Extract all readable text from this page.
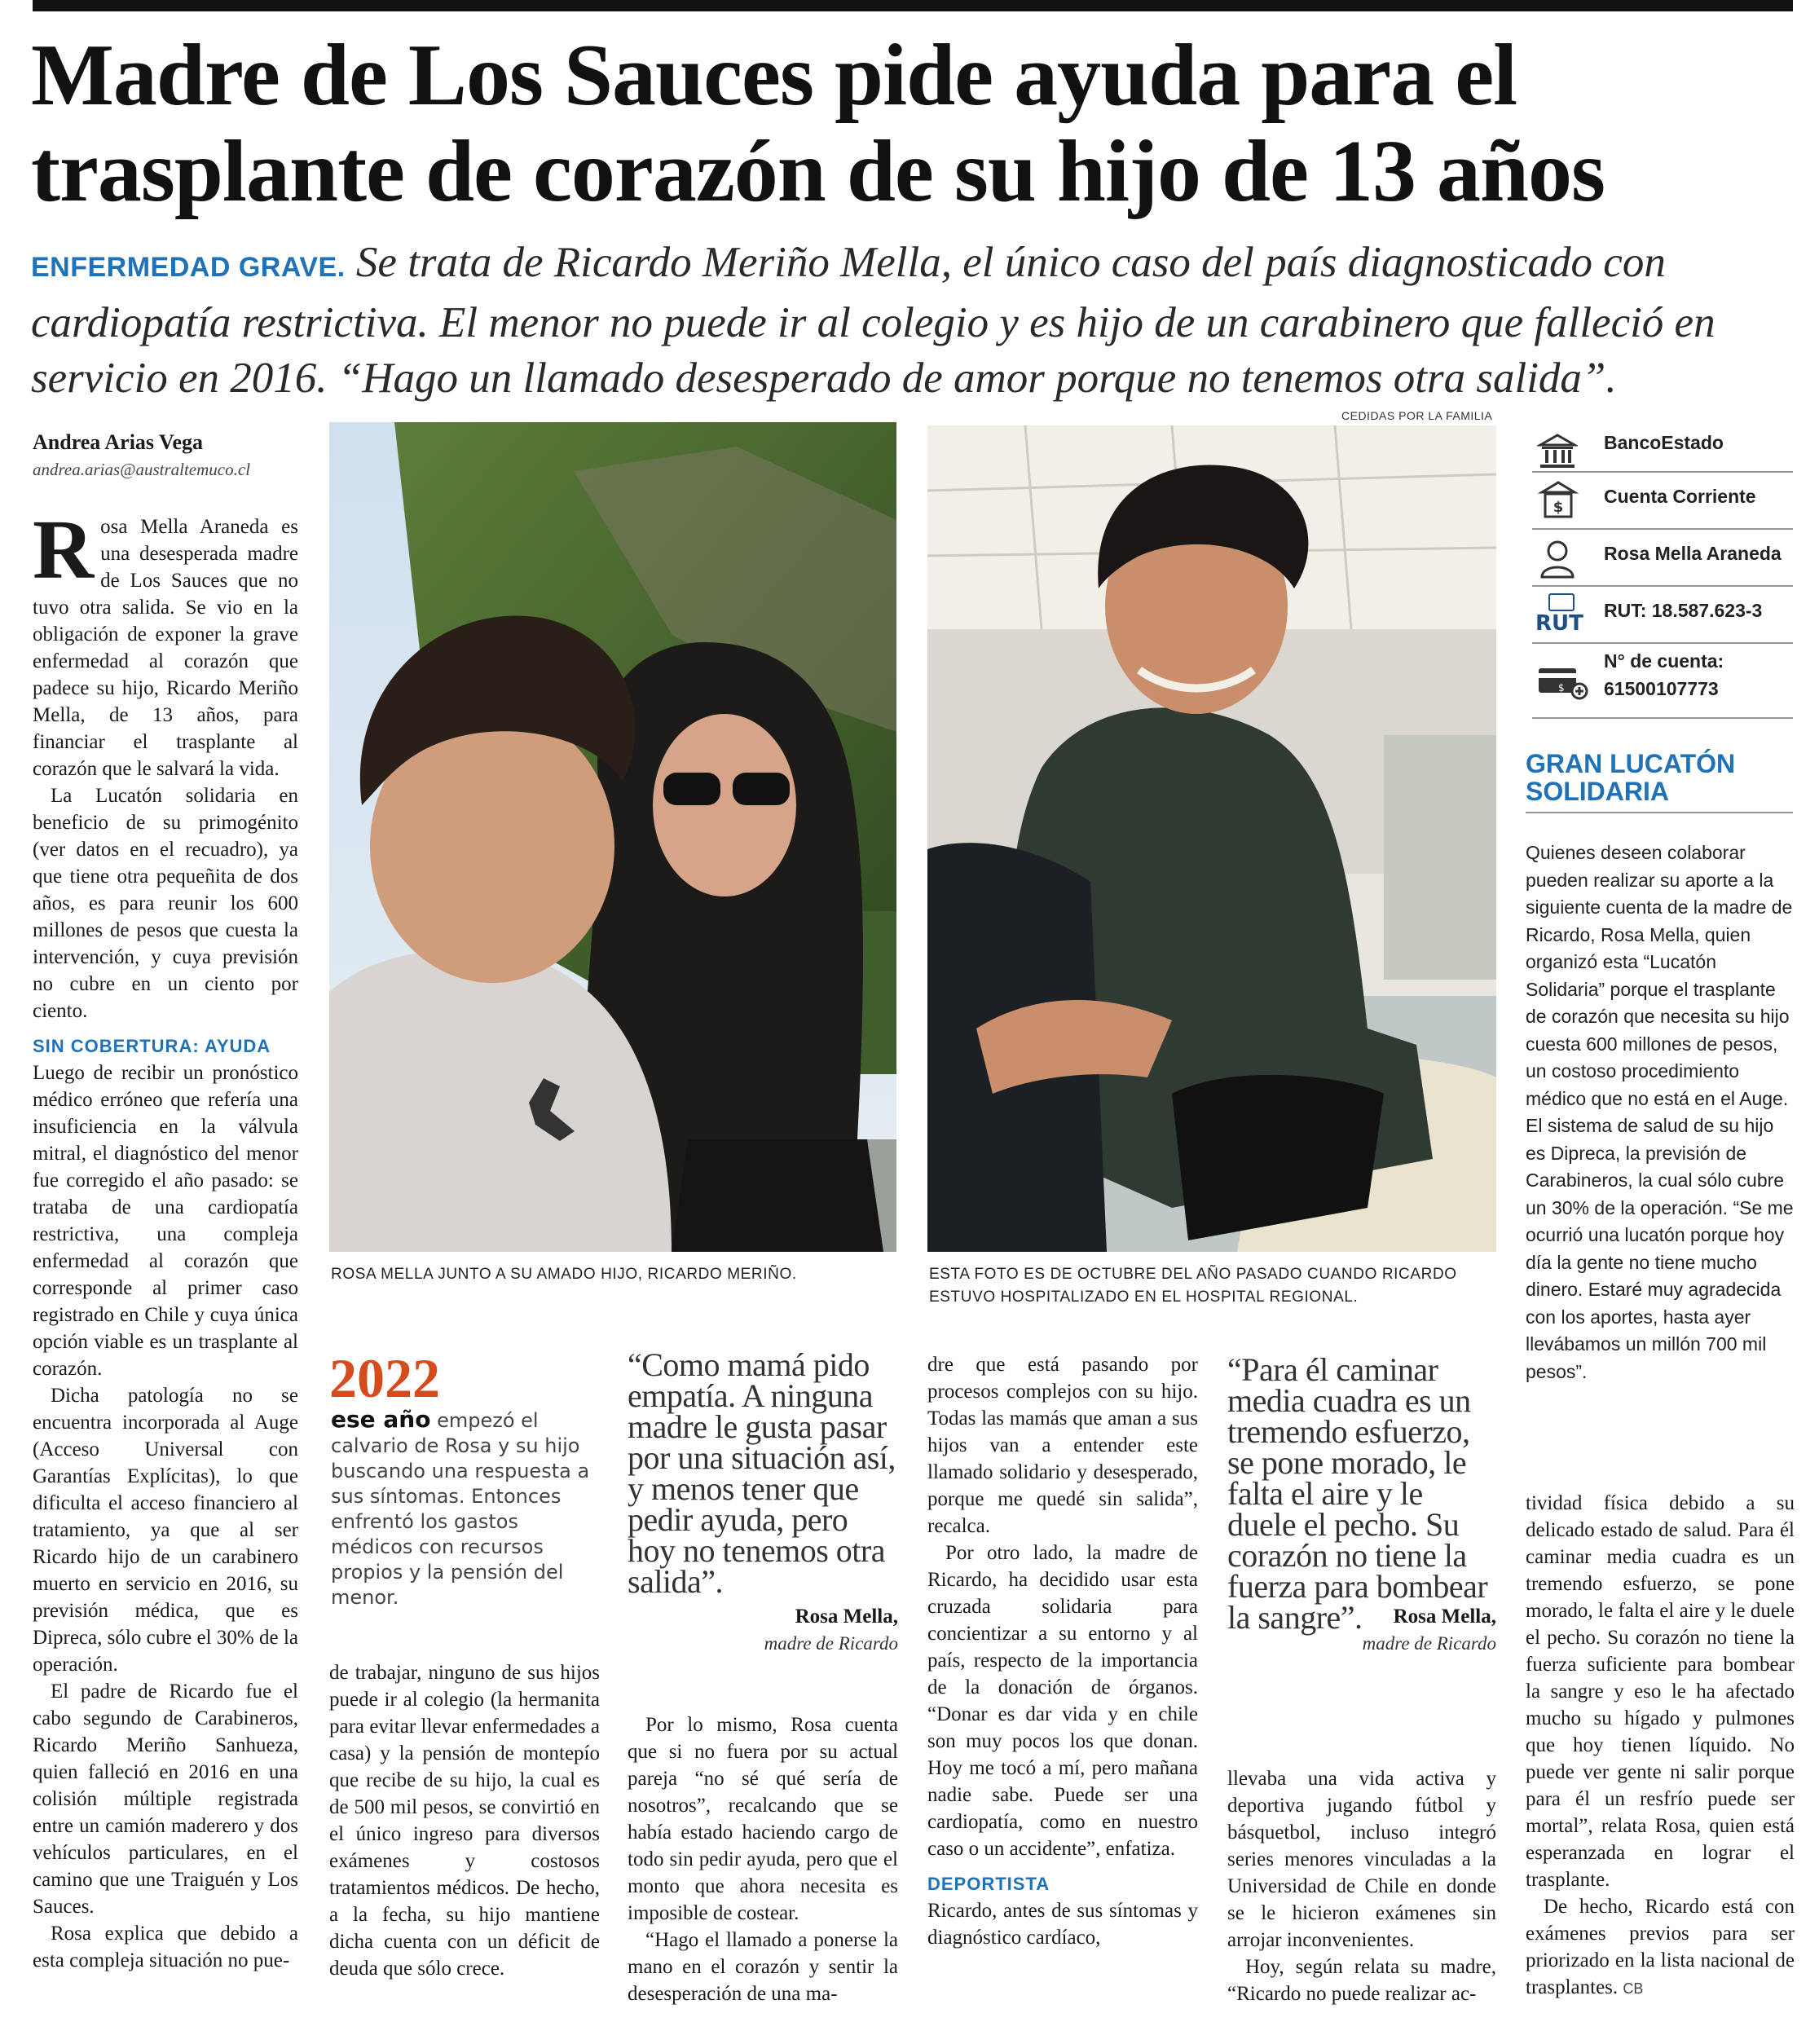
Madre de Los Sauces pide ayuda para el
trasplante de corazón de su hijo de 13 años
ENFERMEDAD GRAVE. Se trata de Ricardo Meriño Mella, el único caso del país diagnosticado con cardiopatía restrictiva. El menor no puede ir al colegio y es hijo de un carabinero que falleció en servicio en 2016. “Hago un llamado desesperado de amor porque no tenemos otra salida”.
Andrea Arias Vega
andrea.arias@australtemuco.cl

Rosa Mella Araneda es una desesperada madre de Los Sauces que no tuvo otra salida. Se vio en la obligación de exponer la grave enfermedad al corazón que padece su hijo, Ricardo Meriño Mella, de 13 años, para financiar el trasplante al corazón que le salvará la vida.

La Lucatón solidaria en beneficio de su primogénito (ver datos en el recuadro), ya que tiene otra pequeñita de dos años, es para reunir los 600 millones de pesos que cuesta la intervención, y cuya previsión no cubre en un ciento por ciento.

SIN COBERTURA: AYUDA

Luego de recibir un pronóstico médico erróneo que refería una insuficiencia en la válvula mitral, el diagnóstico del menor fue corregido el año pasado: se trataba de una cardiopatía restrictiva, una compleja enfermedad al corazón que corresponde al primer caso registrado en Chile y cuya única opción viable es un trasplante al corazón.

Dicha patología no se encuentra incorporada al Auge (Acceso Universal con Garantías Explícitas), lo que dificulta el acceso financiero al tratamiento, ya que al ser Ricardo hijo de un carabinero muerto en servicio en 2016, su previsión médica, que es Dipreca, sólo cubre el 30% de la operación.

El padre de Ricardo fue el cabo segundo de Carabineros, Ricardo Meriño Sanhueza, quien falleció en 2016 en una colisión múltiple registrada entre un camión maderero y dos vehículos particulares, en el camino que une Traiguén y Los Sauces.

Rosa explica que debido a esta compleja situación no pue-

ROSA MELLA JUNTO A SU AMADO HIJO, RICARDO MERIÑO.
CEDIDAS POR LA FAMILIA
ESTA FOTO ES DE OCTUBRE DEL AÑO PASADO CUANDO RICARDO ESTUVO HOSPITALIZADO EN EL HOSPITAL REGIONAL.
2022
ese año empezó el calvario de Rosa y su hijo buscando una respuesta a sus síntomas. Entonces enfrentó los gastos médicos con recursos propios y la pensión del menor.

de trabajar, ninguno de sus hijos puede ir al colegio (la hermanita para evitar llevar enfermedades a casa) y la pensión de montepío que recibe de su hijo, la cual es de 500 mil pesos, se convirtió en el único ingreso para diversos exámenes y costosos tratamientos médicos. De hecho, a la fecha, su hijo mantiene dicha cuenta con un déficit de deuda que sólo crece.

“Como mamá pido empatía. A ninguna madre le gusta pasar por una situación así, y menos tener que pedir ayuda, pero hoy no tenemos otra salida”.
Rosa Mella,
madre de Ricardo

Por lo mismo, Rosa cuenta que si no fuera por su actual pareja “no sé qué sería de nosotros”, recalcando que se había estado haciendo cargo de todo sin pedir ayuda, pero que el monto que ahora necesita es imposible de costear.

“Hago el llamado a ponerse la mano en el corazón y sentir la desesperación de una ma-

dre que está pasando por procesos complejos con su hijo. Todas las mamás que aman a sus hijos van a entender este llamado solidario y desesperado, porque me quedé sin salida”, recalca.

Por otro lado, la madre de Ricardo, ha decidido usar esta cruzada solidaria para concientizar a su entorno y al país, respecto de la importancia de la donación de órganos. “Donar es dar vida y en chile son muy pocos los que donan. Hoy me tocó a mí, pero mañana nadie sabe. Puede ser una cardiopatía, como en nuestro caso o un accidente”, enfatiza.

DEPORTISTA

Ricardo, antes de sus síntomas y diagnóstico cardíaco,

“Para él caminar media cuadra es un tremendo esfuerzo, se pone morado, le falta el aire y le duele el pecho. Su corazón no tiene la fuerza para bombear la sangre”.	Rosa Mella,
madre de Ricardo

llevaba una vida activa y deportiva jugando fútbol y básquetbol, incluso integró series menores vinculadas a la Universidad de Chile en donde se le hicieron exámenes sin arrojar inconvenientes.

Hoy, según relata su madre, “Ricardo no puede realizar ac-

BancoEstado
$
Cuenta Corriente
Rosa Mella Araneda
RUT
RUT: 18.587.623-3
$
N° de cuenta:
61500107773
GRAN LUCATÓN
SOLIDARIA

Quienes deseen colaborar pueden realizar su aporte a la siguiente cuenta de la madre de Ricardo, Rosa Mella, quien organizó esta “Lucatón Solidaria” porque el trasplante de corazón que necesita su hijo cuesta 600 millones de pesos, un costoso procedimiento médico que no está en el Auge. El sistema de salud de su hijo es Dipreca, la previsión de Carabineros, la cual sólo cubre un 30% de la operación. “Se me ocurrió una lucatón porque hoy día la gente no tiene mucho dinero. Estaré muy agradecida con los aportes, hasta ayer llevábamos un millón 700 mil pesos”.

tividad física debido a su delicado estado de salud. Para él caminar media cuadra es un tremendo esfuerzo, se pone morado, le falta el aire y le duele el pecho. Su corazón no tiene la fuerza suficiente para bombear la sangre y eso le ha afectado mucho su hígado y pulmones que hoy tienen líquido. No puede ver gente ni salir porque para él un resfrío puede ser mortal”, relata Rosa, quien está esperanzada en lograr el trasplante.

De hecho, Ricardo está con exámenes previos para ser priorizado en la lista nacional de trasplantes. CB
